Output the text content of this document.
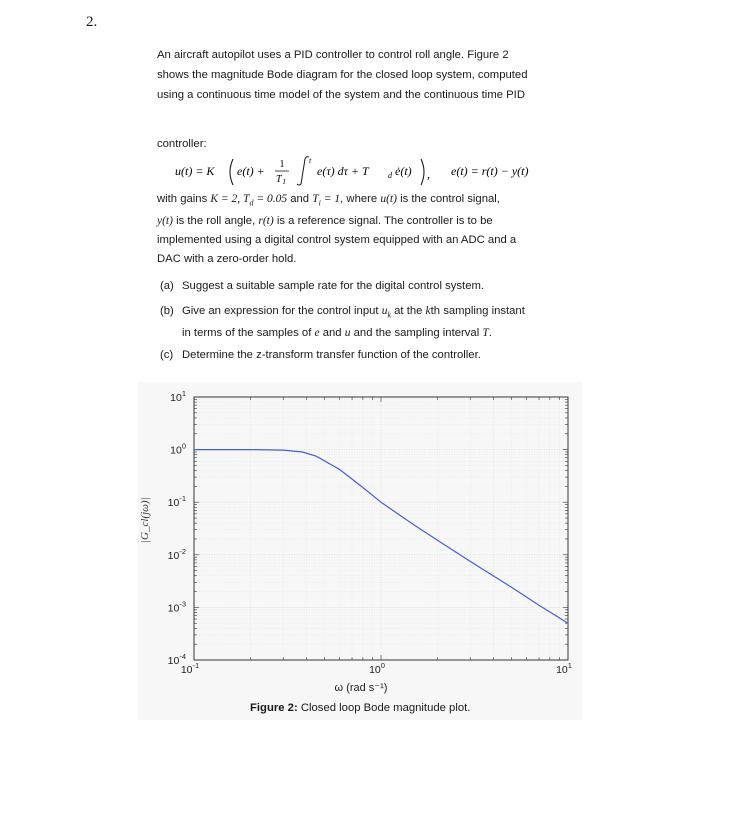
2.
An aircraft autopilot uses a PID controller to control roll angle. Figure 2
shows the magnitude Bode diagram for the closed loop system, computed
using a continuous time model of the system and the continuous time PID
controller:
u(t) = K e(t) + 1
T I
t
e(τ) dτ + T d ė(t) , e(t) = r(t) − y(t)
with gains K = 2, $T_d = 0.05$ and $T_i = 1$, where u(t) is the control signal,
y(t) is the roll angle, r(t) is a reference signal. The controller is to be
implemented using a digital control system equipped with an ADC and a
DAC with a zero-order hold.
(a) Suggest a suitable sample rate for the digital control system.
(b) Give an expression for the control input $u_k$ at the kth sampling instant
in terms of the samples of e and u and the sampling interval T.
(c) Determine the z-transform transfer function of the controller.
$10^{-1}$	$10^0$	$10^1$
$10^1$
$10^0$
$10^{-1}$
$10^{-2}$
$10^{-3}$
$10^{-4}$
ω (rad s⁻¹)
|G_cl(jω)|
Figure 2: Closed loop Bode magnitude plot.
